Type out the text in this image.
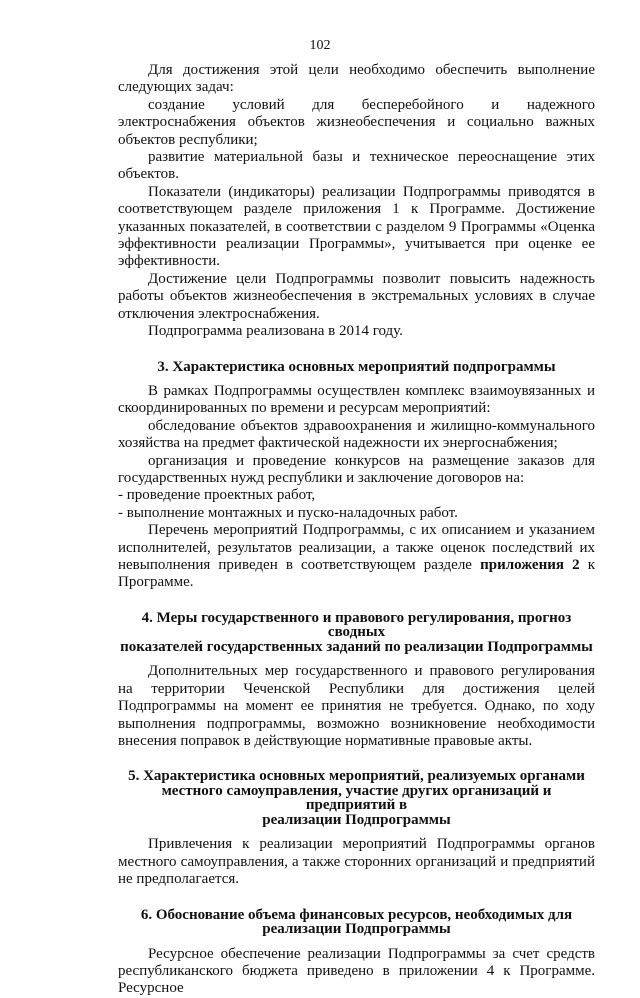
102

Для достижения этой цели необходимо обеспечить выполнение следующих задач:

создание условий для бесперебойного и надежного электроснабжения объектов жизнеобеспечения и социально важных объектов республики;

развитие материальной базы и техническое переоснащение этих объектов.

Показатели (индикаторы) реализации Подпрограммы приводятся в соответствующем разделе приложения 1 к Программе. Достижение указанных показателей, в соответствии с разделом 9 Программы «Оценка эффективности реализации Программы», учитывается при оценке ее эффективности.

Достижение цели Подпрограммы позволит повысить надежность работы объектов жизнеобеспечения в экстремальных условиях в случае отключения электроснабжения.

Подпрограмма реализована в 2014 году.

3. Характеристика основных мероприятий подпрограммы

В рамках Подпрограммы осуществлен комплекс взаимоувязанных и скоординированных по времени и ресурсам мероприятий:

обследование объектов здравоохранения и жилищно-коммунального хозяйства на предмет фактической надежности их энергоснабжения;

организация и проведение конкурсов на размещение заказов для государственных нужд республики и заключение договоров на:

- проведение проектных работ,

- выполнение монтажных и пуско-наладочных работ.

Перечень мероприятий Подпрограммы, с их описанием и указанием исполнителей, результатов реализации, а также оценок последствий их невыполнения приведен в соответствующем разделе приложения 2 к Программе.

4. Меры государственного и правового регулирования, прогноз сводных
показателей государственных заданий по реализации Подпрограммы

Дополнительных мер государственного и правового регулирования на территории Чеченской Республики для достижения целей Подпрограммы на момент ее принятия не требуется. Однако, по ходу выполнения подпрограммы, возможно возникновение необходимости внесения поправок в действующие нормативные правовые акты.

5. Характеристика основных мероприятий, реализуемых органами
местного самоуправления, участие других организаций и предприятий в
реализации Подпрограммы

Привлечения к реализации мероприятий Подпрограммы органов местного самоуправления, а также сторонних организаций и предприятий не предполагается.

6. Обоснование объема финансовых ресурсов, необходимых для
реализации Подпрограммы

Ресурсное обеспечение реализации Подпрограммы за счет средств республиканского бюджета приведено в приложении 4 к Программе. Ресурсное
